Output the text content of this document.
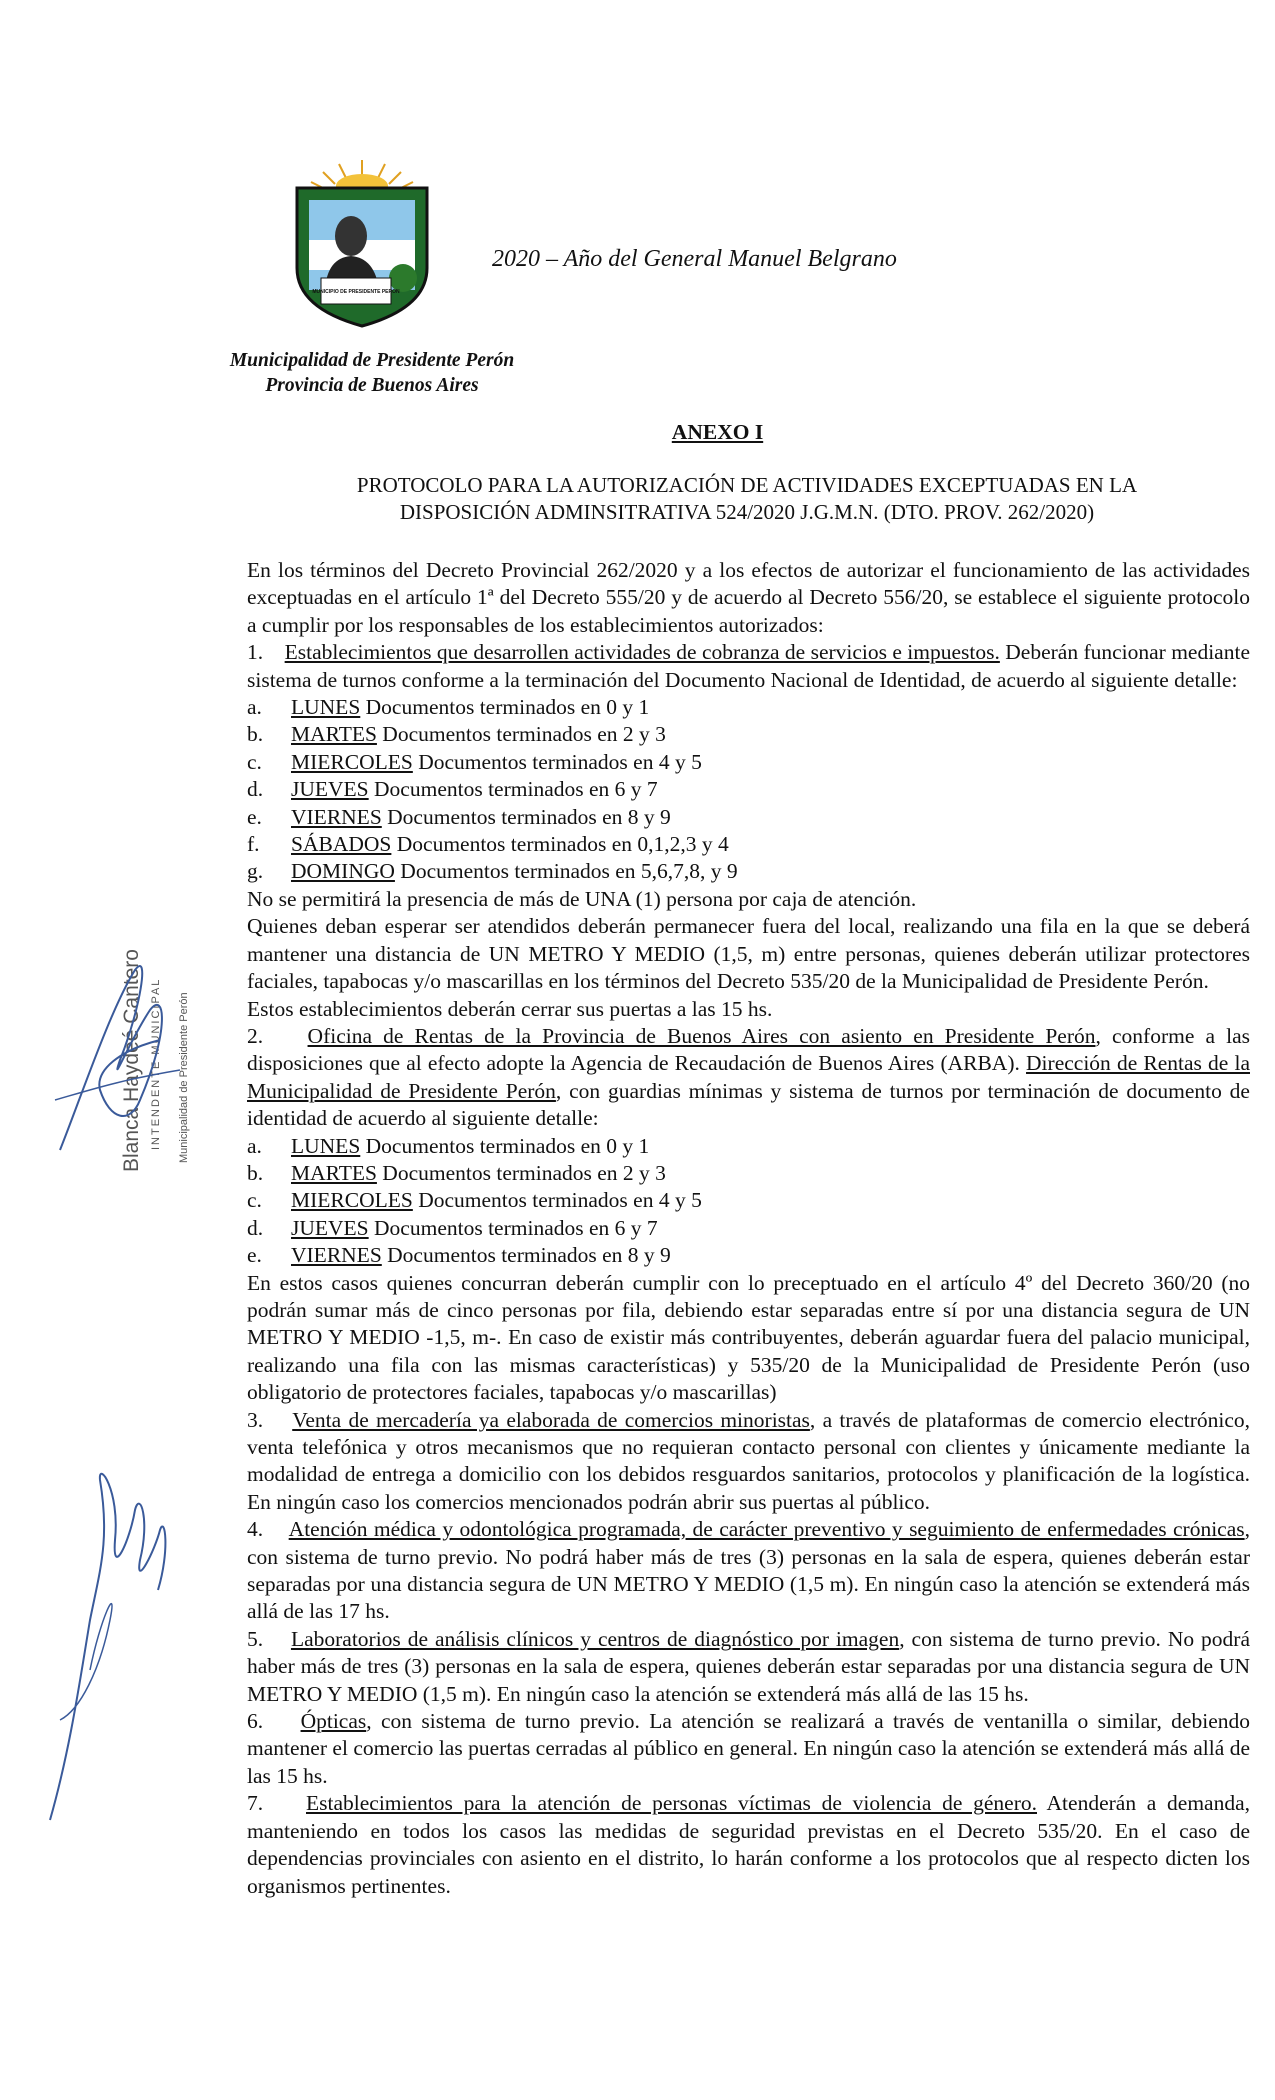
MUNICIPIO DE PRESIDENTE PERON
2020 – Año del General Manuel Belgrano
Municipalidad de Presidente Perón
Provincia de Buenos Aires
ANEXO I
PROTOCOLO PARA LA AUTORIZACIÓN DE ACTIVIDADES EXCEPTUADAS EN LA
DISPOSICIÓN ADMINSITRATIVA 524/2020 J.G.M.N. (DTO. PROV. 262/2020)

En los términos del Decreto Provincial 262/2020 y a los efectos de autorizar el funcionamiento de las actividades exceptuadas en el artículo 1ª del Decreto 555/20 y de acuerdo al Decreto 556/20, se establece el siguiente protocolo a cumplir por los responsables de los establecimientos autorizados:

1. Establecimientos que desarrollen actividades de cobranza de servicios e impuestos. Deberán funcionar mediante sistema de turnos conforme a la terminación del Documento Nacional de Identidad, de acuerdo al siguiente detalle:

a.	LUNES Documentos terminados en 0 y 1
b.	MARTES Documentos terminados en 2 y 3
c.	MIERCOLES Documentos terminados en 4 y 5
d.	JUEVES Documentos terminados en 6 y 7
e.	VIERNES Documentos terminados en 8 y 9
f.	SÁBADOS Documentos terminados en 0,1,2,3 y 4
g.	DOMINGO Documentos terminados en 5,6,7,8, y 9

No se permitirá la presencia de más de UNA (1) persona por caja de atención.

Quienes deban esperar ser atendidos deberán permanecer fuera del local, realizando una fila en la que se deberá mantener una distancia de UN METRO Y MEDIO (1,5, m) entre personas, quienes deberán utilizar protectores faciales, tapabocas y/o mascarillas en los términos del Decreto 535/20 de la Municipalidad de Presidente Perón.

Estos establecimientos deberán cerrar sus puertas a las 15 hs.

2. Oficina de Rentas de la Provincia de Buenos Aires con asiento en Presidente Perón, conforme a las disposiciones que al efecto adopte la Agencia de Recaudación de Buenos Aires (ARBA). Dirección de Rentas de la Municipalidad de Presidente Perón, con guardias mínimas y sistema de turnos por terminación de documento de identidad de acuerdo al siguiente detalle:

a.	LUNES Documentos terminados en 0 y 1
b.	MARTES Documentos terminados en 2 y 3
c.	MIERCOLES Documentos terminados en 4 y 5
d.	JUEVES Documentos terminados en 6 y 7
e.	VIERNES Documentos terminados en 8 y 9

En estos casos quienes concurran deberán cumplir con lo preceptuado en el artículo 4º del Decreto 360/20 (no podrán sumar más de cinco personas por fila, debiendo estar separadas entre sí por una distancia segura de UN METRO Y MEDIO -1,5, m-. En caso de existir más contribuyentes, deberán aguardar fuera del palacio municipal, realizando una fila con las mismas características) y 535/20 de la Municipalidad de Presidente Perón (uso obligatorio de protectores faciales, tapabocas y/o mascarillas)

3. Venta de mercadería ya elaborada de comercios minoristas, a través de plataformas de comercio electrónico, venta telefónica y otros mecanismos que no requieran contacto personal con clientes y únicamente mediante la modalidad de entrega a domicilio con los debidos resguardos sanitarios, protocolos y planificación de la logística. En ningún caso los comercios mencionados podrán abrir sus puertas al público.

4. Atención médica y odontológica programada, de carácter preventivo y seguimiento de enfermedades crónicas, con sistema de turno previo. No podrá haber más de tres (3) personas en la sala de espera, quienes deberán estar separadas por una distancia segura de UN METRO Y MEDIO (1,5 m). En ningún caso la atención se extenderá más allá de las 17 hs.

5. Laboratorios de análisis clínicos y centros de diagnóstico por imagen, con sistema de turno previo. No podrá haber más de tres (3) personas en la sala de espera, quienes deberán estar separadas por una distancia segura de UN METRO Y MEDIO (1,5 m). En ningún caso la atención se extenderá más allá de las 15 hs.

6. Ópticas, con sistema de turno previo. La atención se realizará a través de ventanilla o similar, debiendo mantener el comercio las puertas cerradas al público en general. En ningún caso la atención se extenderá más allá de las 15 hs.

7. Establecimientos para la atención de personas víctimas de violencia de género. Atenderán a demanda, manteniendo en todos los casos las medidas de seguridad previstas en el Decreto 535/20. En el caso de dependencias provinciales con asiento en el distrito, lo harán conforme a los protocolos que al respecto dicten los organismos pertinentes.

Blanca Haydeé Cantero INTENDENTE MUNICIPAL Municipalidad de Presidente Perón
